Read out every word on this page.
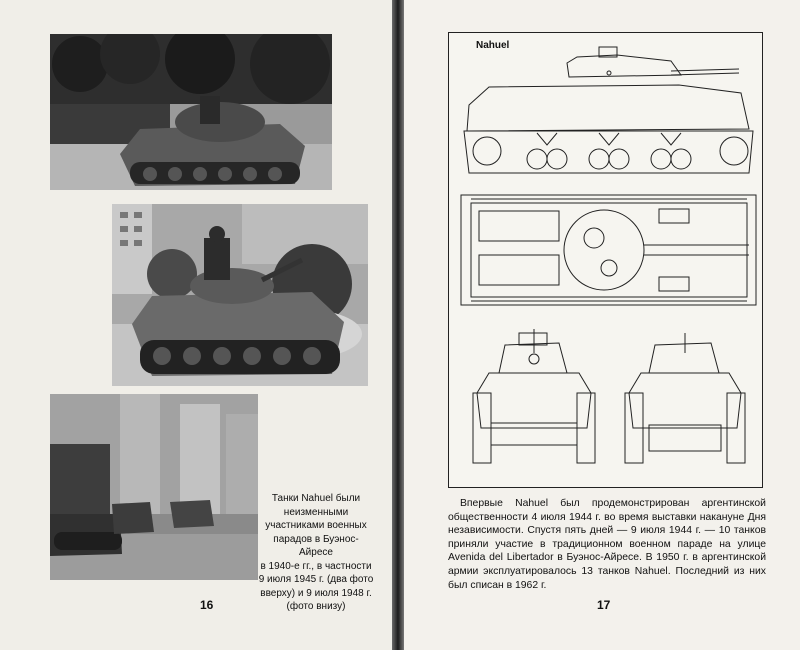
Танки Nahuel были
неизменными
участниками военных
парадов в Буэнос-Айресе
в 1940-е гг., в частности
9 июля 1945 г. (два фото
вверху) и 9 июля 1948 г.
(фото внизу)
16
Nahuel

Впервые Nahuel был продемонстрирован аргентинской общественности 4 июля 1944 г. во время выставки накануне Дня независимости. Спустя пять дней — 9 июля 1944 г. — 10 танков приняли участие в традиционном военном параде на улице Avenida del Libertador в Буэнос-Айресе. В 1950 г. в аргентинской армии эксплуатировалось 13 танков Nahuel. Последний из них был списан в 1962 г.

17
